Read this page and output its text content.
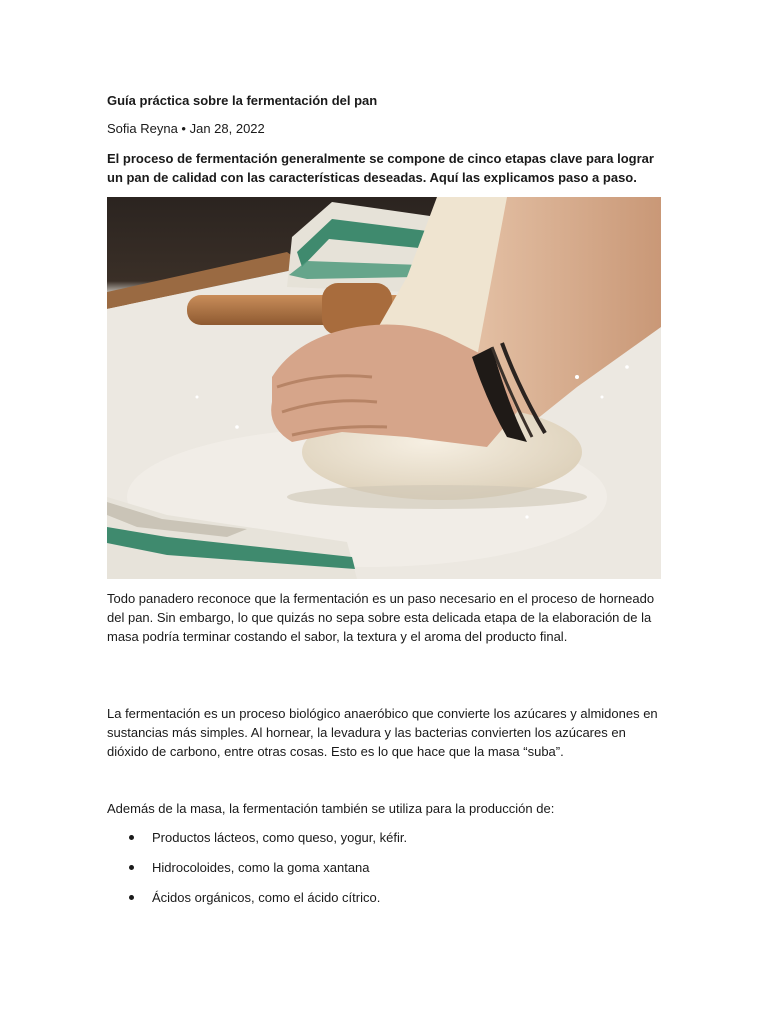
Guía práctica sobre la fermentación del pan
Sofia Reyna • Jan 28, 2022
El proceso de fermentación generalmente se compone de cinco etapas clave para lograr un pan de calidad con las características deseadas. Aquí las explicamos paso a paso.
Todo panadero reconoce que la fermentación es un paso necesario en el proceso de horneado del pan. Sin embargo, lo que quizás no sepa sobre esta delicada etapa de la elaboración de la masa podría terminar costando el sabor, la textura y el aroma del producto final.
La fermentación es un proceso biológico anaeróbico que convierte los azúcares y almidones en sustancias más simples. Al hornear, la levadura y las bacterias convierten los azúcares en dióxido de carbono, entre otras cosas. Esto es lo que hace que la masa “suba”.
Además de la masa, la fermentación también se utiliza para la producción de:
Productos lácteos, como queso, yogur, kéfir.
Hidrocoloides, como la goma xantana
Ácidos orgánicos, como el ácido cítrico.
